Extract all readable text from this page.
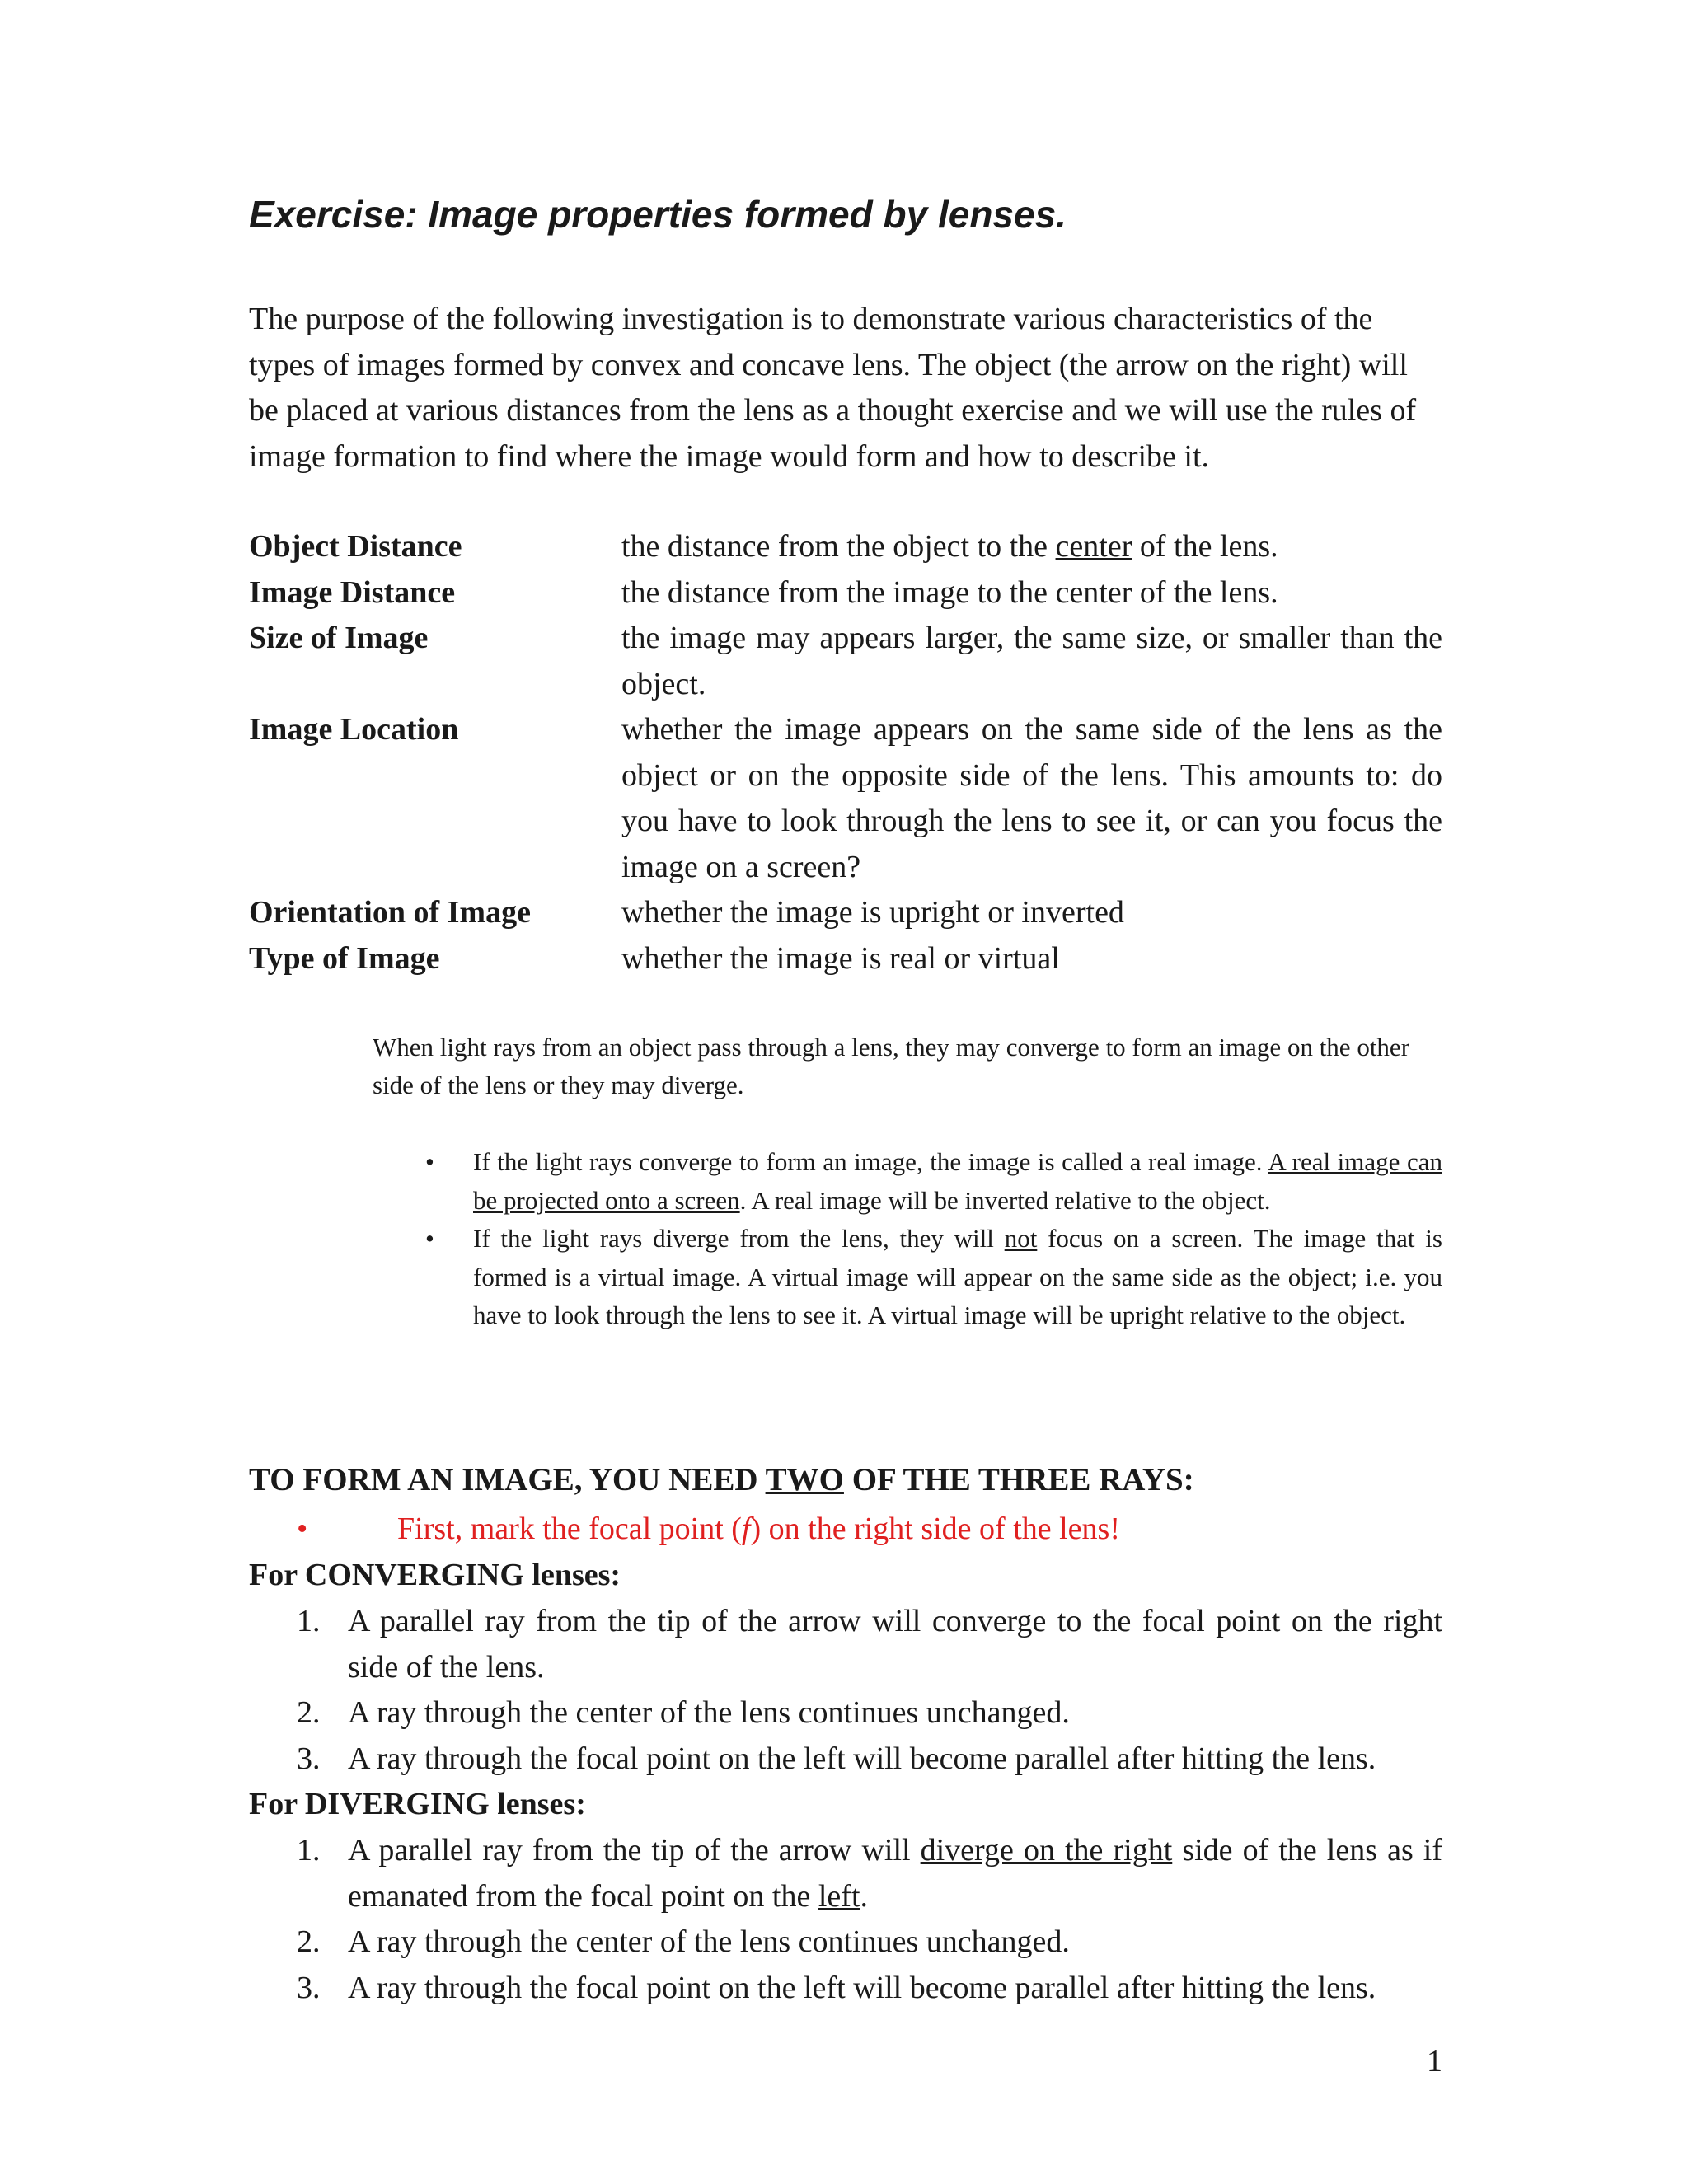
Exercise: Image properties formed by lenses.

The purpose of the following investigation is to demonstrate various characteristics of the types of images formed by convex and concave lens. The object (the arrow on the right) will be placed at various distances from the lens as a thought exercise and we will use the rules of image formation to find where the image would form and how to describe it.

Object Distance	the distance from the object to the center of the lens.
Image Distance	the distance from the image to the center of the lens.
Size of Image	the image may appears larger, the same size, or smaller than the object.
Image Location	whether the image appears on the same side of the lens as the object or on the opposite side of the lens. This amounts to: do you have to look through the lens to see it, or can you focus the image on a screen?
Orientation of Image	whether the image is upright or inverted
Type of Image	whether the image is real or virtual

When light rays from an object pass through a lens, they may converge to form an image on the other side of the lens or they may diverge.

• If the light rays converge to form an image, the image is called a real image. A real image can be projected onto a screen. A real image will be inverted relative to the object.
• If the light rays diverge from the lens, they will not focus on a screen. The image that is formed is a virtual image. A virtual image will appear on the same side as the object; i.e. you have to look through the lens to see it. A virtual image will be upright relative to the object.
TO FORM AN IMAGE, YOU NEED TWO OF THE THREE RAYS:
•	First, mark the focal point (f) on the right side of the lens!
For CONVERGING lenses:
1. A parallel ray from the tip of the arrow will converge to the focal point on the right side of the lens.
2. A ray through the center of the lens continues unchanged.
3. A ray through the focal point on the left will become parallel after hitting the lens.
For DIVERGING lenses:
1. A parallel ray from the tip of the arrow will diverge on the right side of the lens as if emanated from the focal point on the left.
2. A ray through the center of the lens continues unchanged.
3. A ray through the focal point on the left will become parallel after hitting the lens.
1
